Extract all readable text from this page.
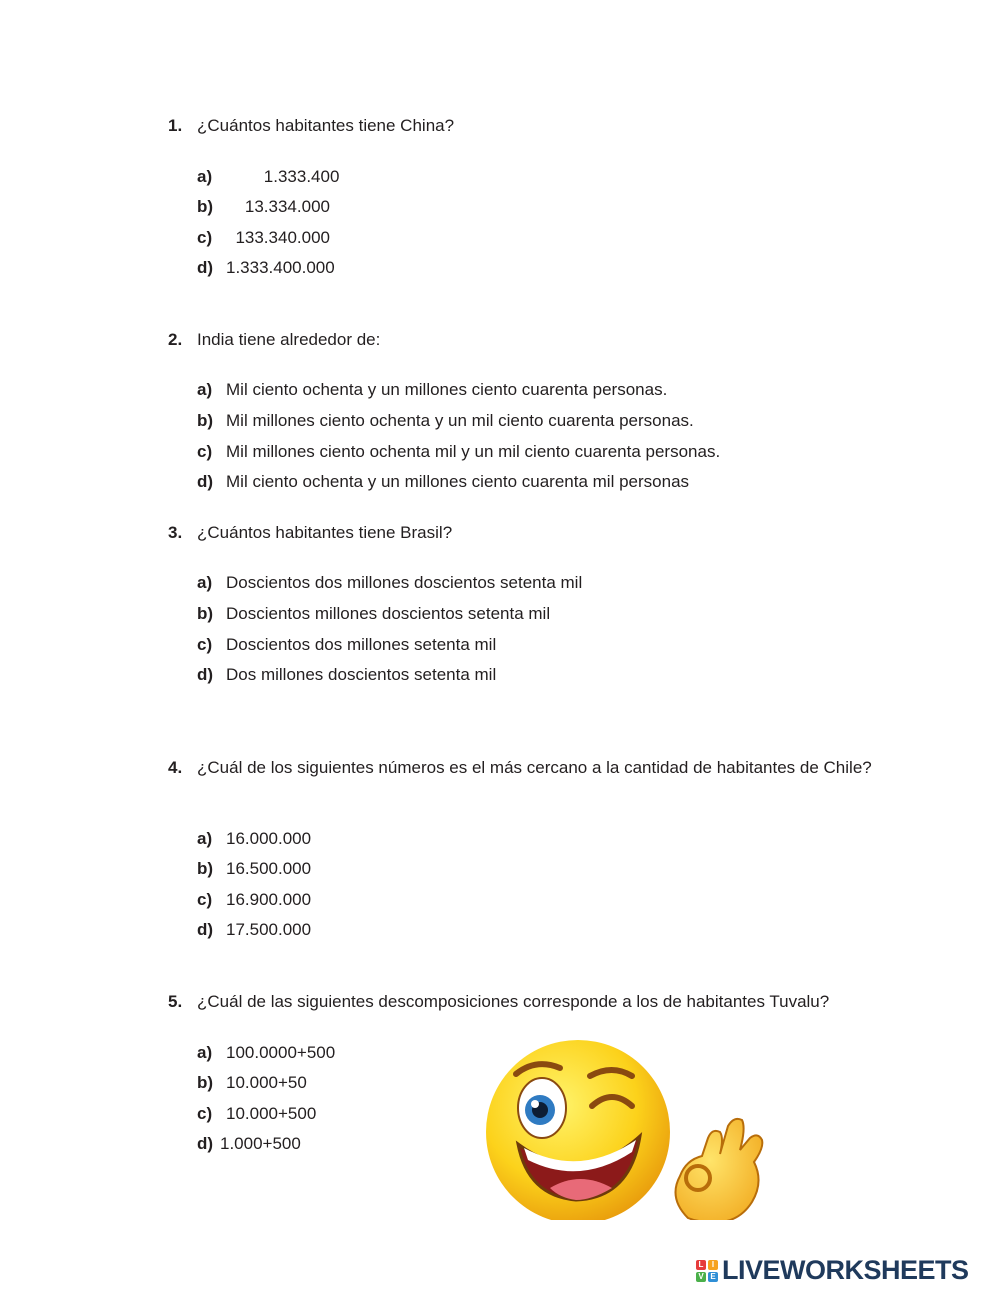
1. ¿Cuántos habitantes tiene China?
a)        1.333.400
b)    13.334.000
c)  133.340.000
d) 1.333.400.000
2. India tiene alrededor de:
a) Mil ciento ochenta y un millones ciento cuarenta personas.
b) Mil millones ciento ochenta y un mil ciento cuarenta personas.
c) Mil millones ciento ochenta mil y un mil ciento cuarenta personas.
d) Mil ciento ochenta y un millones ciento cuarenta mil personas
3. ¿Cuántos habitantes tiene Brasil?
a) Doscientos dos millones doscientos setenta mil
b) Doscientos millones doscientos setenta mil
c) Doscientos dos millones setenta mil
d) Dos millones doscientos setenta mil
4. ¿Cuál de los siguientes números es el más cercano a la cantidad de habitantes de Chile?
a) 16.000.000
b) 16.500.000
c) 16.900.000
d) 17.500.000
5. ¿Cuál de las siguientes descomposiciones corresponde a los de habitantes Tuvalu?
a) 100.0000+500
b) 10.000+50
c) 10.000+500
d) 1.000+500
L	I
V E LIVEWORKSHEETS
